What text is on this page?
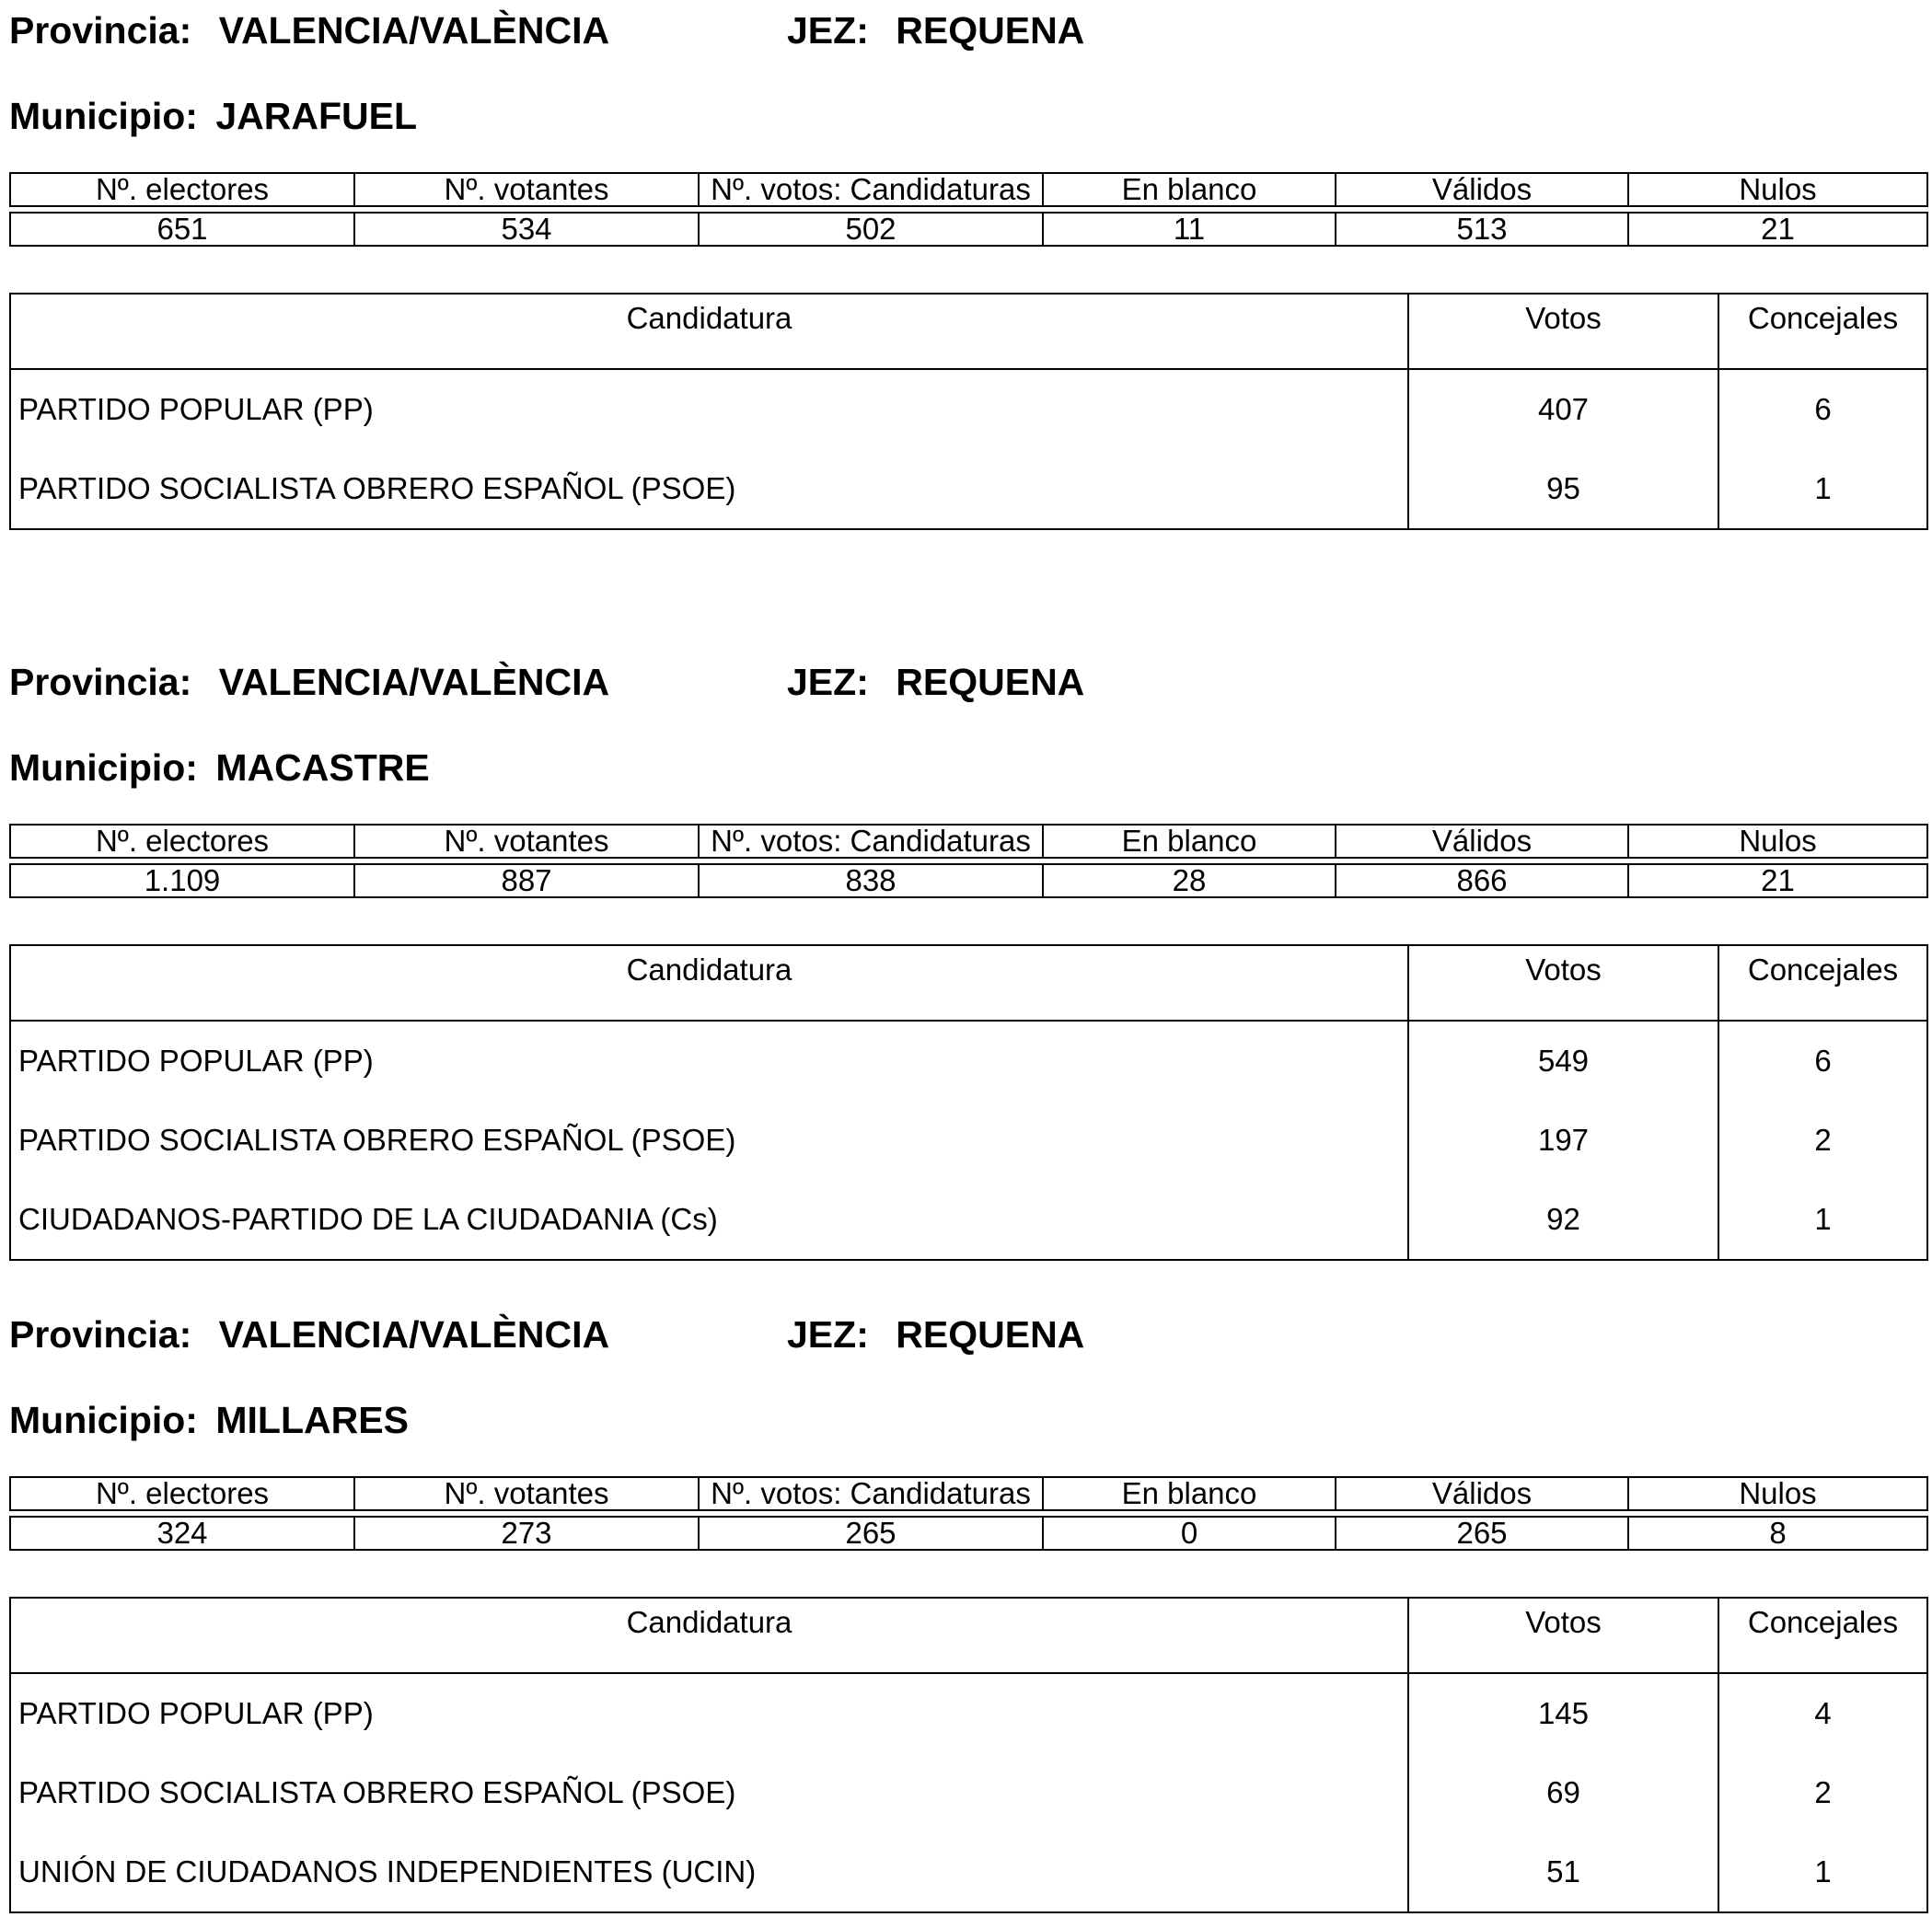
Provincia: VALENCIA/VALÈNCIA	JEZ: REQUENA
Municipio: JARAFUEL
Nº. electores	Nº. votantes	Nº. votos: Candidaturas	En blanco	Válidos	Nulos
651	534	502	11	513	21
Candidatura	Votos	Concejales
PARTIDO POPULAR (PP)	407	6
PARTIDO SOCIALISTA OBRERO ESPAÑOL (PSOE)	95	1
Provincia: VALENCIA/VALÈNCIA	JEZ: REQUENA
Municipio: MACASTRE
Nº. electores	Nº. votantes	Nº. votos: Candidaturas	En blanco	Válidos	Nulos
1.109	887	838	28	866	21
Candidatura	Votos	Concejales
PARTIDO POPULAR (PP)	549	6
PARTIDO SOCIALISTA OBRERO ESPAÑOL (PSOE)	197	2
CIUDADANOS-PARTIDO DE LA CIUDADANIA (Cs)	92	1
Provincia: VALENCIA/VALÈNCIA	JEZ: REQUENA
Municipio: MILLARES
Nº. electores	Nº. votantes	Nº. votos: Candidaturas	En blanco	Válidos	Nulos
324	273	265	0	265	8
Candidatura	Votos	Concejales
PARTIDO POPULAR (PP)	145	4
PARTIDO SOCIALISTA OBRERO ESPAÑOL (PSOE)	69	2
UNIÓN DE CIUDADANOS INDEPENDIENTES (UCIN)	51	1
